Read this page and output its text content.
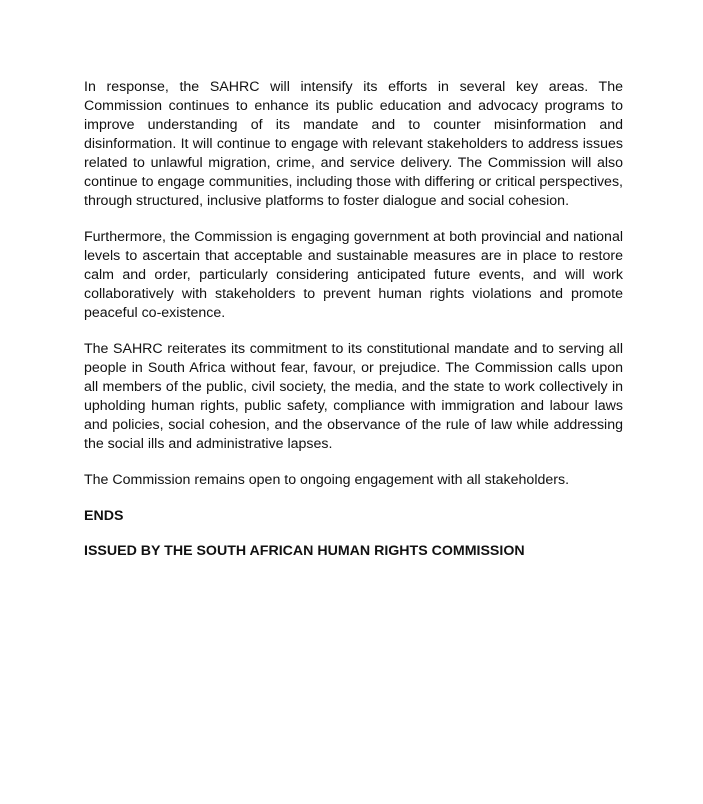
In response, the SAHRC will intensify its efforts in several key areas. The Commission continues to enhance its public education and advocacy programs to improve understanding of its mandate and to counter misinformation and disinformation. It will continue to engage with relevant stakeholders to address issues related to unlawful migration, crime, and service delivery. The Commission will also continue to engage communities, including those with differing or critical perspectives, through structured, inclusive platforms to foster dialogue and social cohesion.

Furthermore, the Commission is engaging government at both provincial and national levels to ascertain that acceptable and sustainable measures are in place to restore calm and order, particularly considering anticipated future events, and will work collaboratively with stakeholders to prevent human rights violations and promote peaceful co-existence.

The SAHRC reiterates its commitment to its constitutional mandate and to serving all people in South Africa without fear, favour, or prejudice. The Commission calls upon all members of the public, civil society, the media, and the state to work collectively in upholding human rights, public safety, compliance with immigration and labour laws and policies, social cohesion, and the observance of the rule of law while addressing the social ills and administrative lapses.

The Commission remains open to ongoing engagement with all stakeholders.

ENDS

ISSUED BY THE SOUTH AFRICAN HUMAN RIGHTS COMMISSION
